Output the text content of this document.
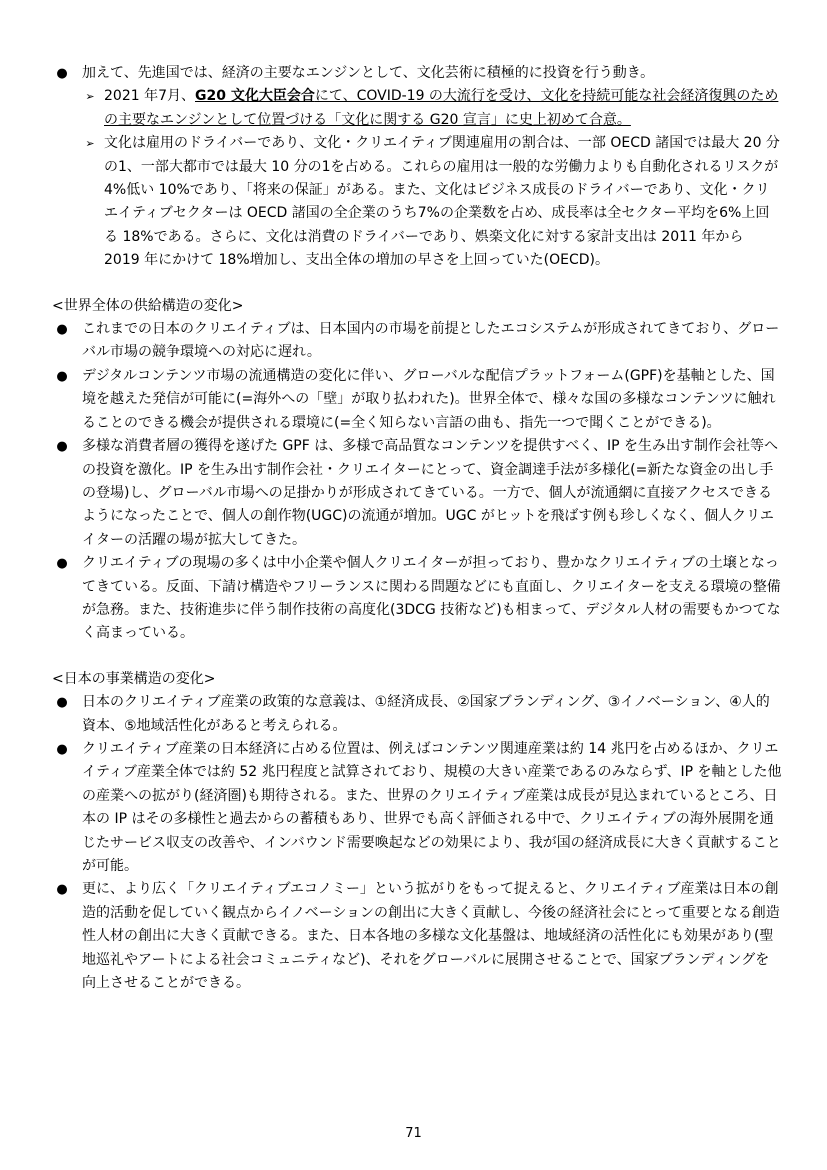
●	加えて、先進国では、経済の主要なエンジンとして、文化芸術に積極的に投資を行う動き。

➢ 2021 年7月、G20 文化大臣会合にて、COVID-19 の大流行を受け、文化を持続可能な社会経済復興のための主要なエンジンとして位置づける「文化に関する G20 宣言」に史上初めて合意。

➢ 文化は雇用のドライバーであり、文化・クリエイティブ関連雇用の割合は、一部 OECD 諸国では最大 20 分の1、一部大都市では最大 10 分の1を占める。これらの雇用は一般的な労働力よりも自動化されるリスクが4%低い 10%であり、「将来の保証」がある。また、文化はビジネス成長のドライバーであり、文化・クリエイティブセクターは OECD 諸国の全企業のうち7%の企業数を占め、成長率は全セクター平均を6%上回る 18%である。さらに、文化は消費のドライバーであり、娯楽文化に対する家計支出は 2011 年から 2019 年にかけて 18%増加し、支出全体の増加の早さを上回っていた(OECD)。

<世界全体の供給構造の変化>

●	これまでの日本のクリエイティブは、日本国内の市場を前提としたエコシステムが形成されてきており、グローバル市場の競争環境への対応に遅れ。

●	デジタルコンテンツ市場の流通構造の変化に伴い、グローバルな配信プラットフォーム(GPF)を基軸とした、国境を越えた発信が可能に(=海外への「壁」が取り払われた)。世界全体で、様々な国の多様なコンテンツに触れることのできる機会が提供される環境に(=全く知らない言語の曲も、指先一つで聞くことができる)。

●	多様な消費者層の獲得を遂げた GPF は、多様で高品質なコンテンツを提供すべく、IP を生み出す制作会社等への投資を激化。IP を生み出す制作会社・クリエイターにとって、資金調達手法が多様化(=新たな資金の出し手の登場)し、グローバル市場への足掛かりが形成されてきている。一方で、個人が流通網に直接アクセスできるようになったことで、個人の創作物(UGC)の流通が増加。UGC がヒットを飛ばす例も珍しくなく、個人クリエイターの活躍の場が拡大してきた。

●	クリエイティブの現場の多くは中小企業や個人クリエイターが担っており、豊かなクリエイティブの土壌となってきている。反面、下請け構造やフリーランスに関わる問題などにも直面し、クリエイターを支える環境の整備が急務。また、技術進歩に伴う制作技術の高度化(3DCG 技術など)も相まって、デジタル人材の需要もかつてなく高まっている。

<日本の事業構造の変化>

●	日本のクリエイティブ産業の政策的な意義は、①経済成長、②国家ブランディング、③イノベーション、④人的資本、⑤地域活性化があると考えられる。

●	クリエイティブ産業の日本経済に占める位置は、例えばコンテンツ関連産業は約 14 兆円を占めるほか、クリエイティブ産業全体では約 52 兆円程度と試算されており、規模の大きい産業であるのみならず、IP を軸とした他の産業への拡がり(経済圏)も期待される。また、世界のクリエイティブ産業は成長が見込まれているところ、日本の IP はその多様性と過去からの蓄積もあり、世界でも高く評価される中で、クリエイティブの海外展開を通じたサービス収支の改善や、インバウンド需要喚起などの効果により、我が国の経済成長に大きく貢献することが可能。

●	更に、より広く「クリエイティブエコノミー」という拡がりをもって捉えると、クリエイティブ産業は日本の創造的活動を促していく観点からイノベーションの創出に大きく貢献し、今後の経済社会にとって重要となる創造性人材の創出に大きく貢献できる。また、日本各地の多様な文化基盤は、地域経済の活性化にも効果があり(聖地巡礼やアートによる社会コミュニティなど)、それをグローバルに展開させることで、国家ブランディングを向上させることができる。

71
